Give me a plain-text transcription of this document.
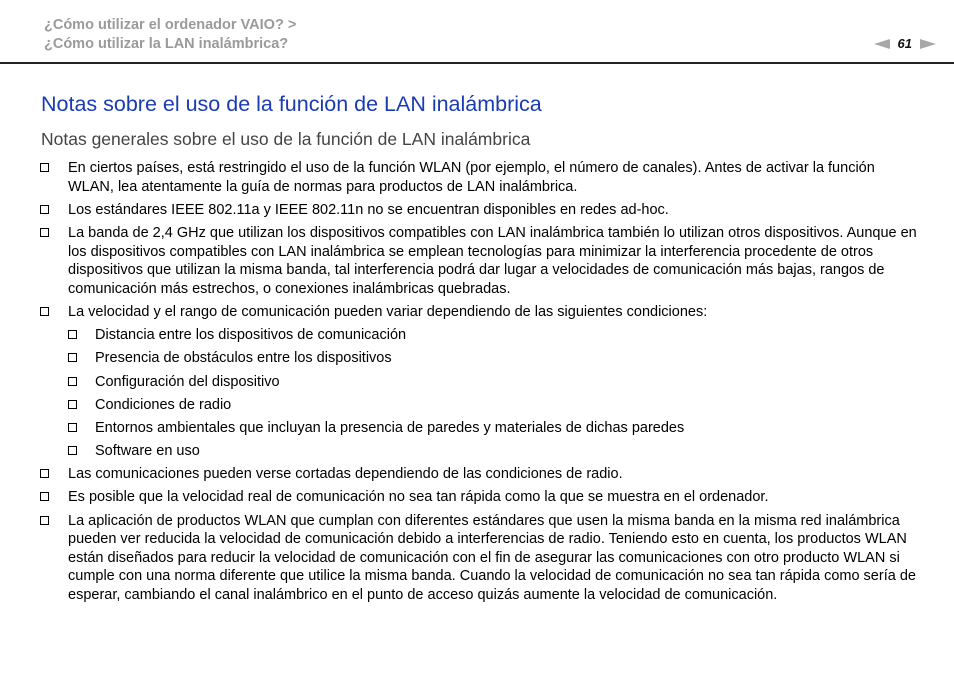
¿Cómo utilizar el ordenador VAIO? >
¿Cómo utilizar la LAN inalámbrica?	61
Notas sobre el uso de la función de LAN inalámbrica
Notas generales sobre el uso de la función de LAN inalámbrica
En ciertos países, está restringido el uso de la función WLAN (por ejemplo, el número de canales). Antes de activar la función WLAN, lea atentamente la guía de normas para productos de LAN inalámbrica.
Los estándares IEEE 802.11a y IEEE 802.11n no se encuentran disponibles en redes ad-hoc.
La banda de 2,4 GHz que utilizan los dispositivos compatibles con LAN inalámbrica también lo utilizan otros dispositivos. Aunque en los dispositivos compatibles con LAN inalámbrica se emplean tecnologías para minimizar la interferencia procedente de otros dispositivos que utilizan la misma banda, tal interferencia podrá dar lugar a velocidades de comunicación más bajas, rangos de comunicación más estrechos, o conexiones inalámbricas quebradas.
La velocidad y el rango de comunicación pueden variar dependiendo de las siguientes condiciones:
Distancia entre los dispositivos de comunicación
Presencia de obstáculos entre los dispositivos
Configuración del dispositivo
Condiciones de radio
Entornos ambientales que incluyan la presencia de paredes y materiales de dichas paredes
Software en uso
Las comunicaciones pueden verse cortadas dependiendo de las condiciones de radio.
Es posible que la velocidad real de comunicación no sea tan rápida como la que se muestra en el ordenador.
La aplicación de productos WLAN que cumplan con diferentes estándares que usen la misma banda en la misma red inalámbrica pueden ver reducida la velocidad de comunicación debido a interferencias de radio. Teniendo esto en cuenta, los productos WLAN están diseñados para reducir la velocidad de comunicación con el fin de asegurar las comunicaciones con otro producto WLAN si cumple con una norma diferente que utilice la misma banda. Cuando la velocidad de comunicación no sea tan rápida como sería de esperar, cambiando el canal inalámbrico en el punto de acceso quizás aumente la velocidad de comunicación.
